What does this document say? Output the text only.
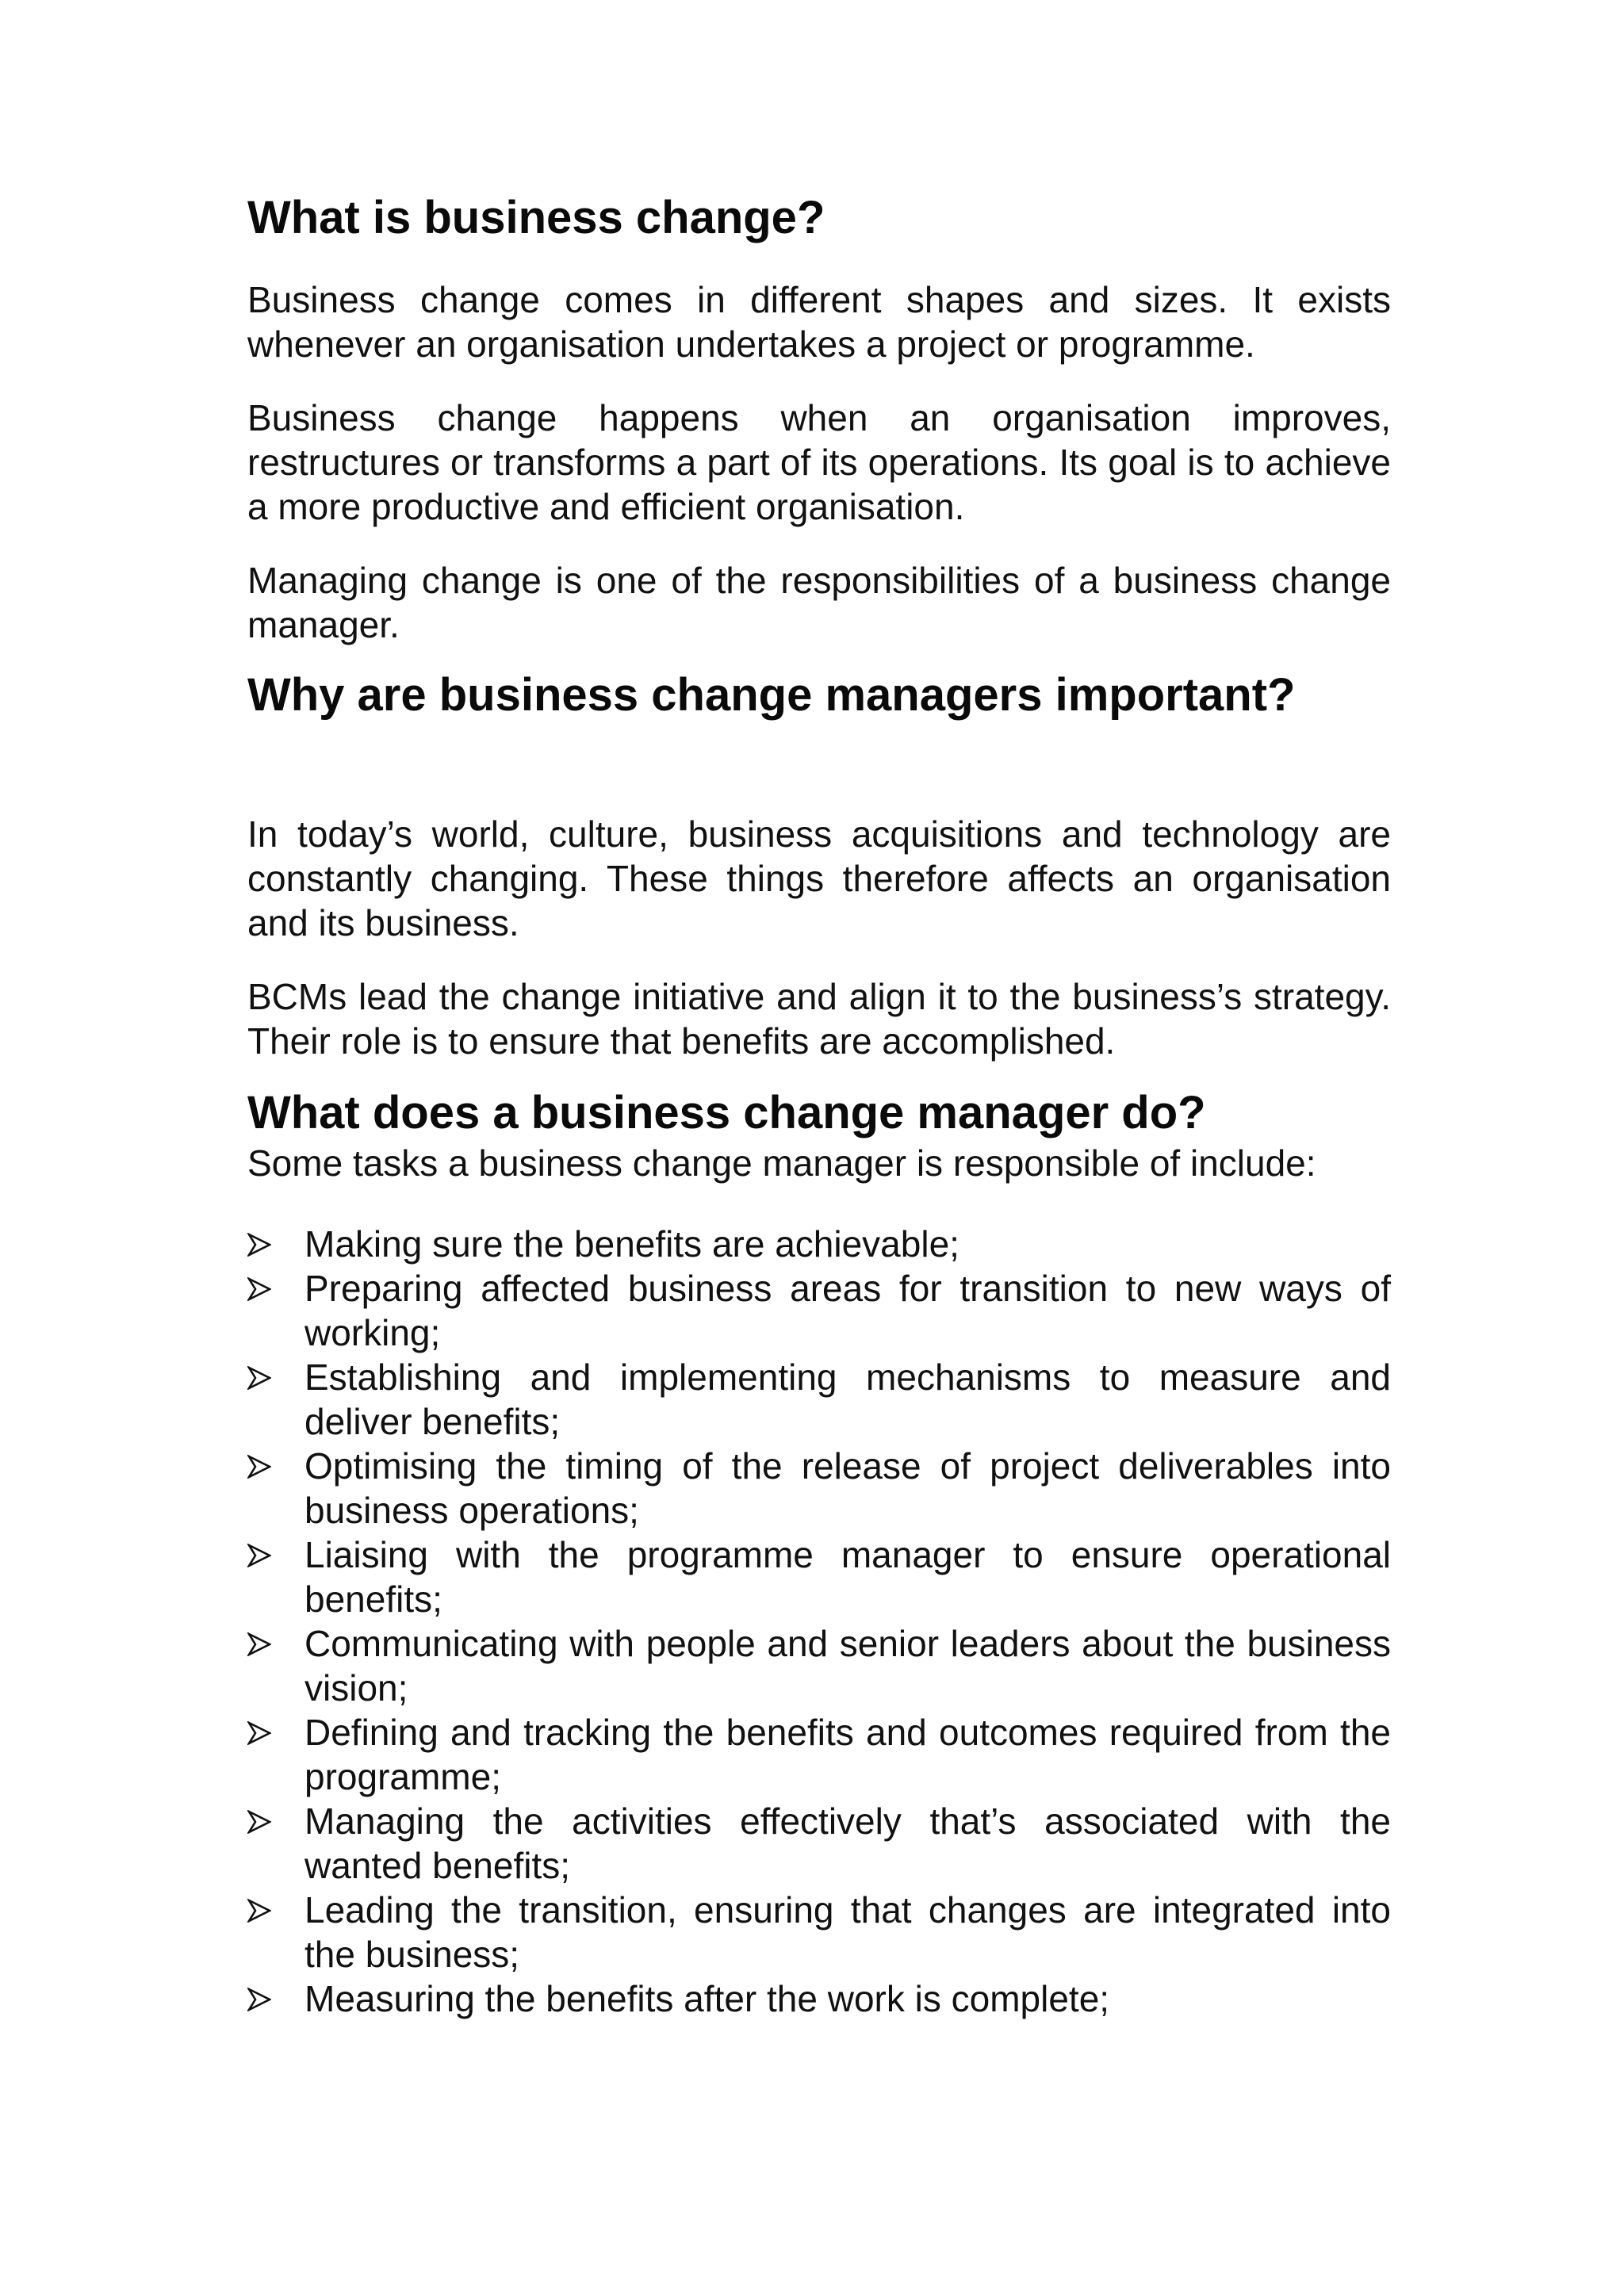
What is business change?

Business change comes in different shapes and sizes. It exists whenever an organisation undertakes a project or programme.

Business change happens when an organisation improves, restructures or transforms a part of its operations. Its goal is to achieve a more productive and efficient organisation.

Managing change is one of the responsibilities of a business change manager.

Why are business change managers important?

In today’s world, culture, business acquisitions and technology are constantly changing. These things therefore affects an organisation and its business.

BCMs lead the change initiative and align it to the business’s strategy. Their role is to ensure that benefits are accomplished.

What does a business change manager do?

Some tasks a business change manager is responsible of include:

Making sure the benefits are achievable;
Preparing affected business areas for transition to new ways of working;
Establishing and implementing mechanisms to measure and deliver benefits;
Optimising the timing of the release of project deliverables into business operations;
Liaising with the programme manager to ensure operational benefits;
Communicating with people and senior leaders about the business vision;
Defining and tracking the benefits and outcomes required from the programme;
Managing the activities effectively that’s associated with the wanted benefits;
Leading the transition, ensuring that changes are integrated into the business;
Measuring the benefits after the work is complete;
